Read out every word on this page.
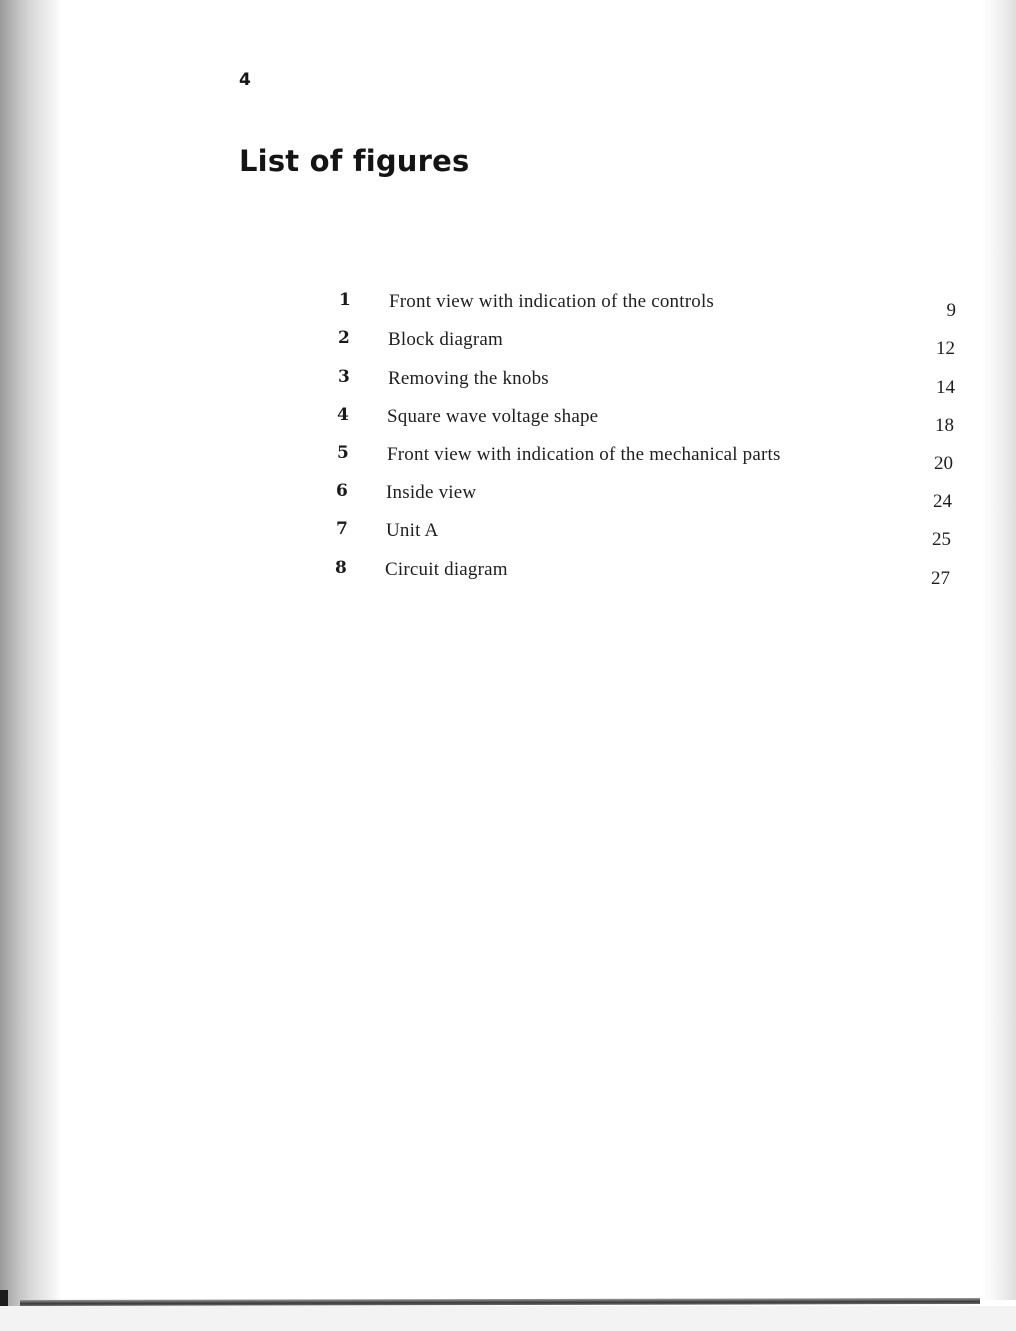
4
List of figures
1 Front view with indication of the controls	9
2 Block diagram	12
3 Removing the knobs	14
4 Square wave voltage shape	18
5 Front view with indication of the mechanical parts	20
6 Inside view	24
7 Unit A	25
8 Circuit diagram	27
